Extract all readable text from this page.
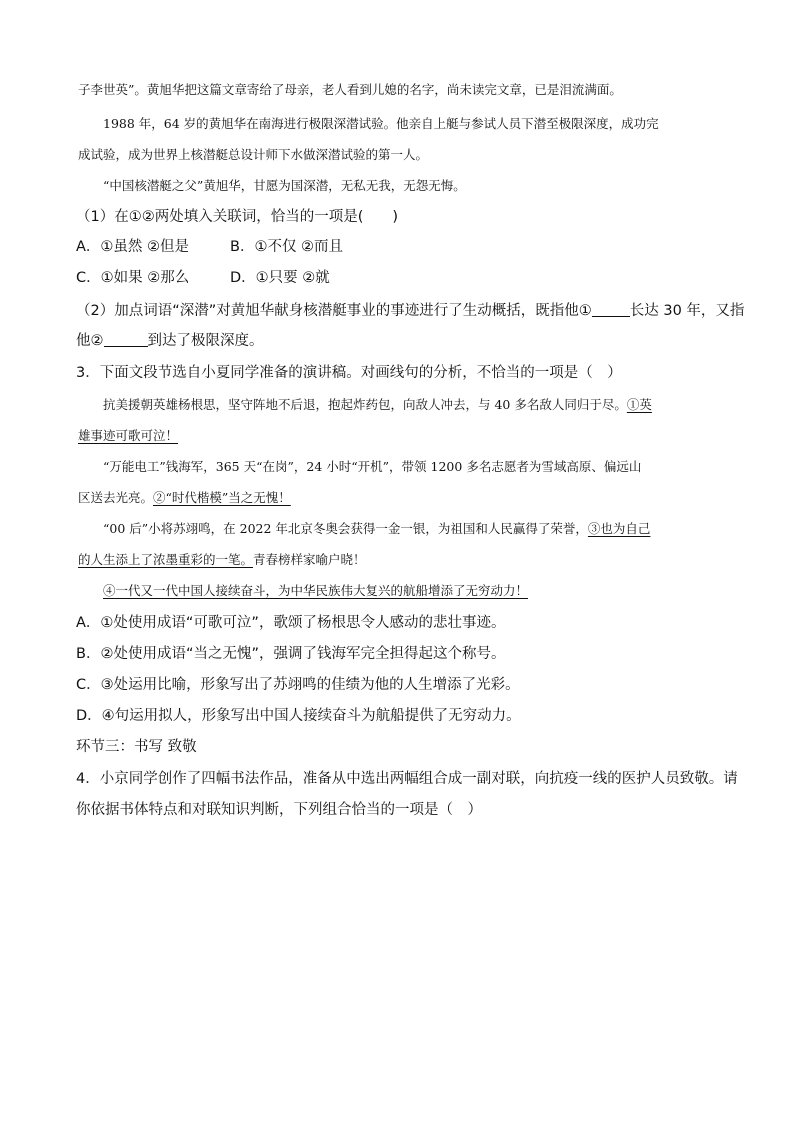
子李世英”。黄旭华把这篇文章寄给了母亲，老人看到儿媳的名字，尚未读完文章，已是泪流满面。
1988 年，64 岁的黄旭华在南海进行极限深潜试验。他亲自上艇与参试人员下潜至极限深度，成功完
成试验，成为世界上核潜艇总设计师下水做深潜试验的第一人。
“中国核潜艇之父”黄旭华，甘愿为国深潜，无私无我，无怨无悔。
（1）在①②两处填入关联词，恰当的一项是(　　)
A．①虽然 ②但是	B．①不仅 ②而且
C．①如果 ②那么	D．①只要 ②就
（2）加点词语“深潜”对黄旭华献身核潜艇事业的事迹进行了生动概括，既指他①	长达 30 年，又指
他②	到达了极限深度。
3．下面文段节选自小夏同学准备的演讲稿。对画线句的分析，不恰当的一项是（　）
抗美援朝英雄杨根思，坚守阵地不后退，抱起炸药包，向敌人冲去，与 40 多名敌人同归于尽。①英
雄事迹可歌可泣！
“万能电工”钱海军，365 天“在岗”，24 小时“开机”，带领 1200 多名志愿者为雪域高原、偏远山
区送去光亮。②“时代楷模”当之无愧！
“00 后”小将苏翊鸣，在 2022 年北京冬奥会获得一金一银，为祖国和人民赢得了荣誉，③也为自己
的人生添上了浓墨重彩的一笔。青春榜样家喻户晓！
④一代又一代中国人接续奋斗，为中华民族伟大复兴的航船增添了无穷动力！
A．①处使用成语“可歌可泣”，歌颂了杨根思令人感动的悲壮事迹。
B．②处使用成语“当之无愧”，强调了钱海军完全担得起这个称号。
C．③处运用比喻，形象写出了苏翊鸣的佳绩为他的人生增添了光彩。
D．④句运用拟人，形象写出中国人接续奋斗为航船提供了无穷动力。
环节三：书写 致敬
4．小京同学创作了四幅书法作品，准备从中选出两幅组合成一副对联，向抗疫一线的医护人员致敬。请
你依据书体特点和对联知识判断，下列组合恰当的一项是（　）
